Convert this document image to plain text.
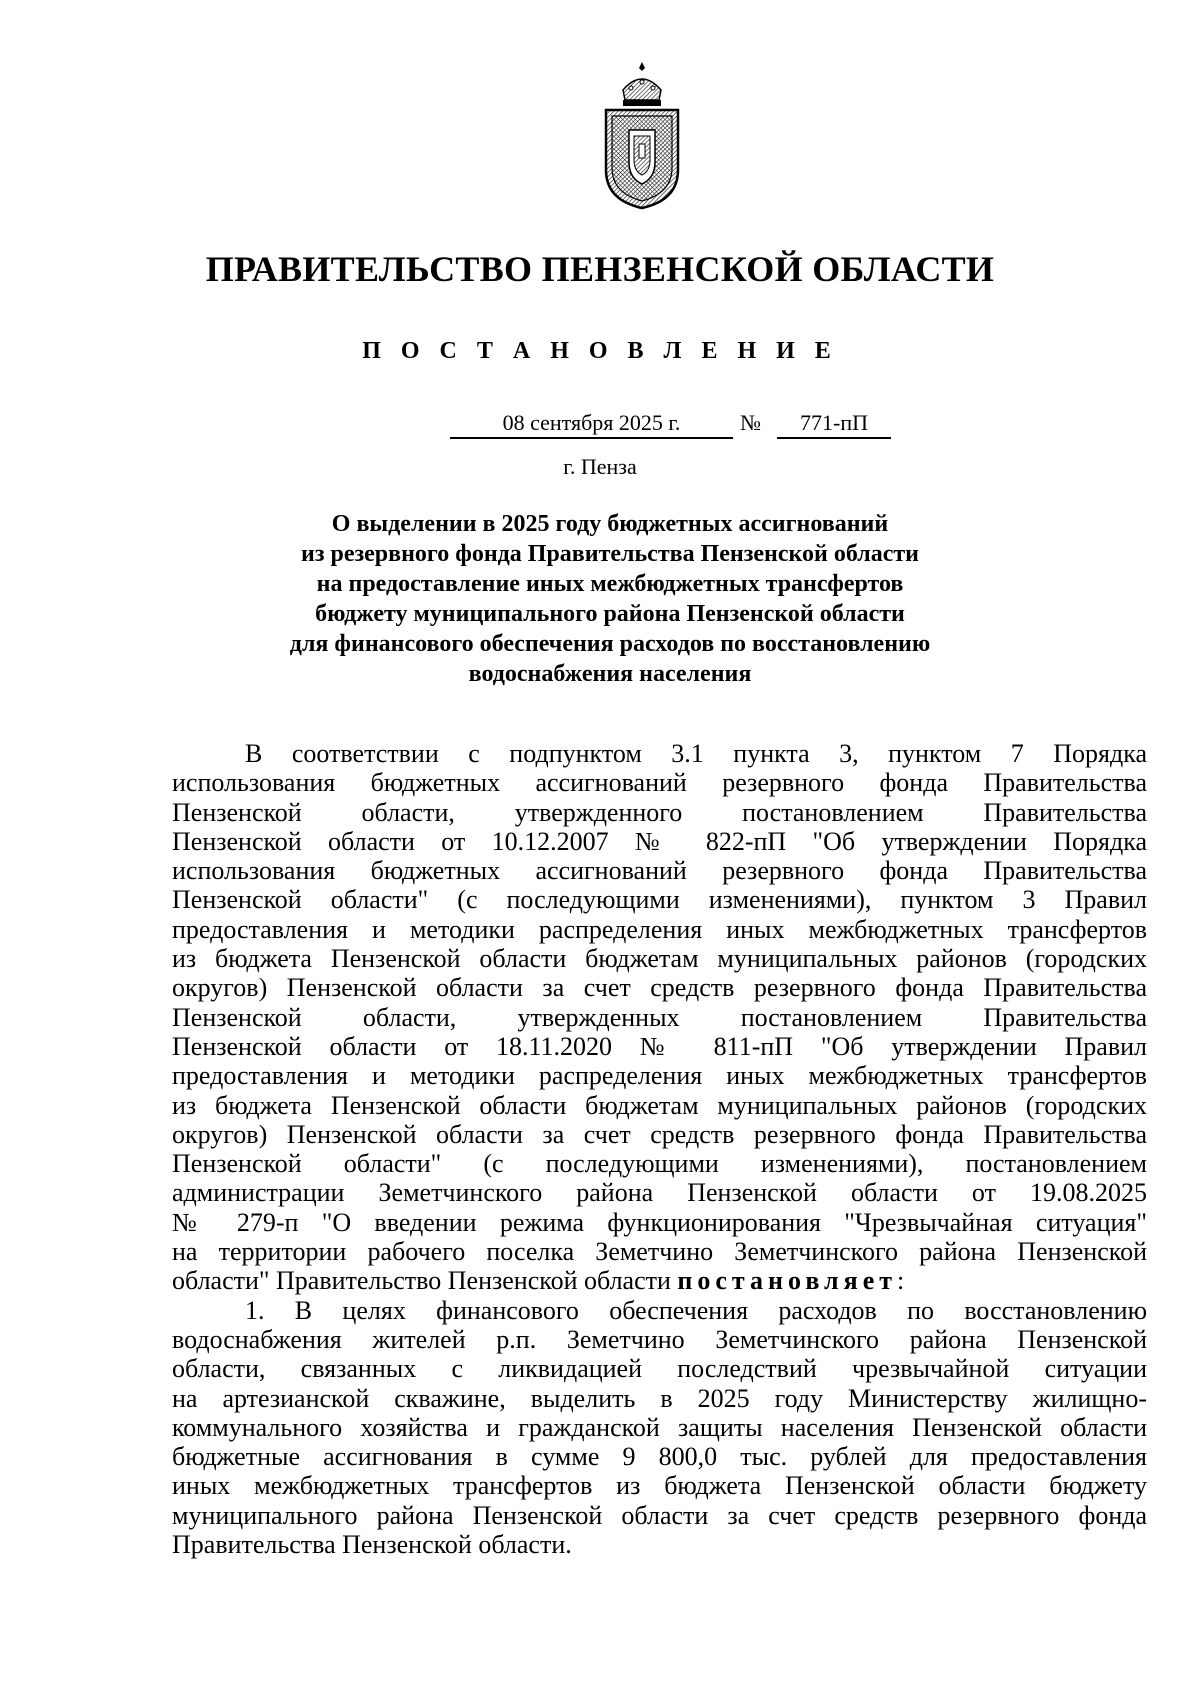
ПРАВИТЕЛЬСТВО ПЕНЗЕНСКОЙ ОБЛАСТИ
П О С Т А Н О В Л Е Н И Е
08 сентября 2025 г.	№	771-пП
г. Пенза
О выделении в 2025 году бюджетных ассигнований
из резервного фонда Правительства Пензенской области
на предоставление иных межбюджетных трансфертов
бюджету муниципального района Пензенской области
для финансового обеспечения расходов по восстановлению
водоснабжения населения
В соответствии с подпунктом 3.1 пункта 3, пунктом 7 Порядка
использования бюджетных ассигнований резервного фонда Правительства
Пензенской области, утвержденного постановлением Правительства
Пензенской области от 10.12.2007 № 822-пП "Об утверждении Порядка
использования бюджетных ассигнований резервного фонда Правительства
Пензенской области" (с последующими изменениями), пунктом 3 Правил
предоставления и методики распределения иных межбюджетных трансфертов
из бюджета Пензенской области бюджетам муниципальных районов (городских
округов) Пензенской области за счет средств резервного фонда Правительства
Пензенской области, утвержденных постановлением Правительства
Пензенской области от 18.11.2020 № 811-пП "Об утверждении Правил
предоставления и методики распределения иных межбюджетных трансфертов
из бюджета Пензенской области бюджетам муниципальных районов (городских
округов) Пензенской области за счет средств резервного фонда Правительства
Пензенской области" (с последующими изменениями), постановлением
администрации Земетчинского района Пензенской области от 19.08.2025
№ 279-п "О введении режима функционирования "Чрезвычайная ситуация"
на территории рабочего поселка Земетчино Земетчинского района Пензенской
области" Правительство Пензенской области постановляет:
1. В целях финансового обеспечения расходов по восстановлению
водоснабжения жителей р.п. Земетчино Земетчинского района Пензенской
области, связанных с ликвидацией последствий чрезвычайной ситуации
на артезианской скважине, выделить в 2025 году Министерству жилищно-
коммунального хозяйства и гражданской защиты населения Пензенской области
бюджетные ассигнования в сумме 9 800,0 тыс. рублей для предоставления
иных межбюджетных трансфертов из бюджета Пензенской области бюджету
муниципального района Пензенской области за счет средств резервного фонда
Правительства Пензенской области.
